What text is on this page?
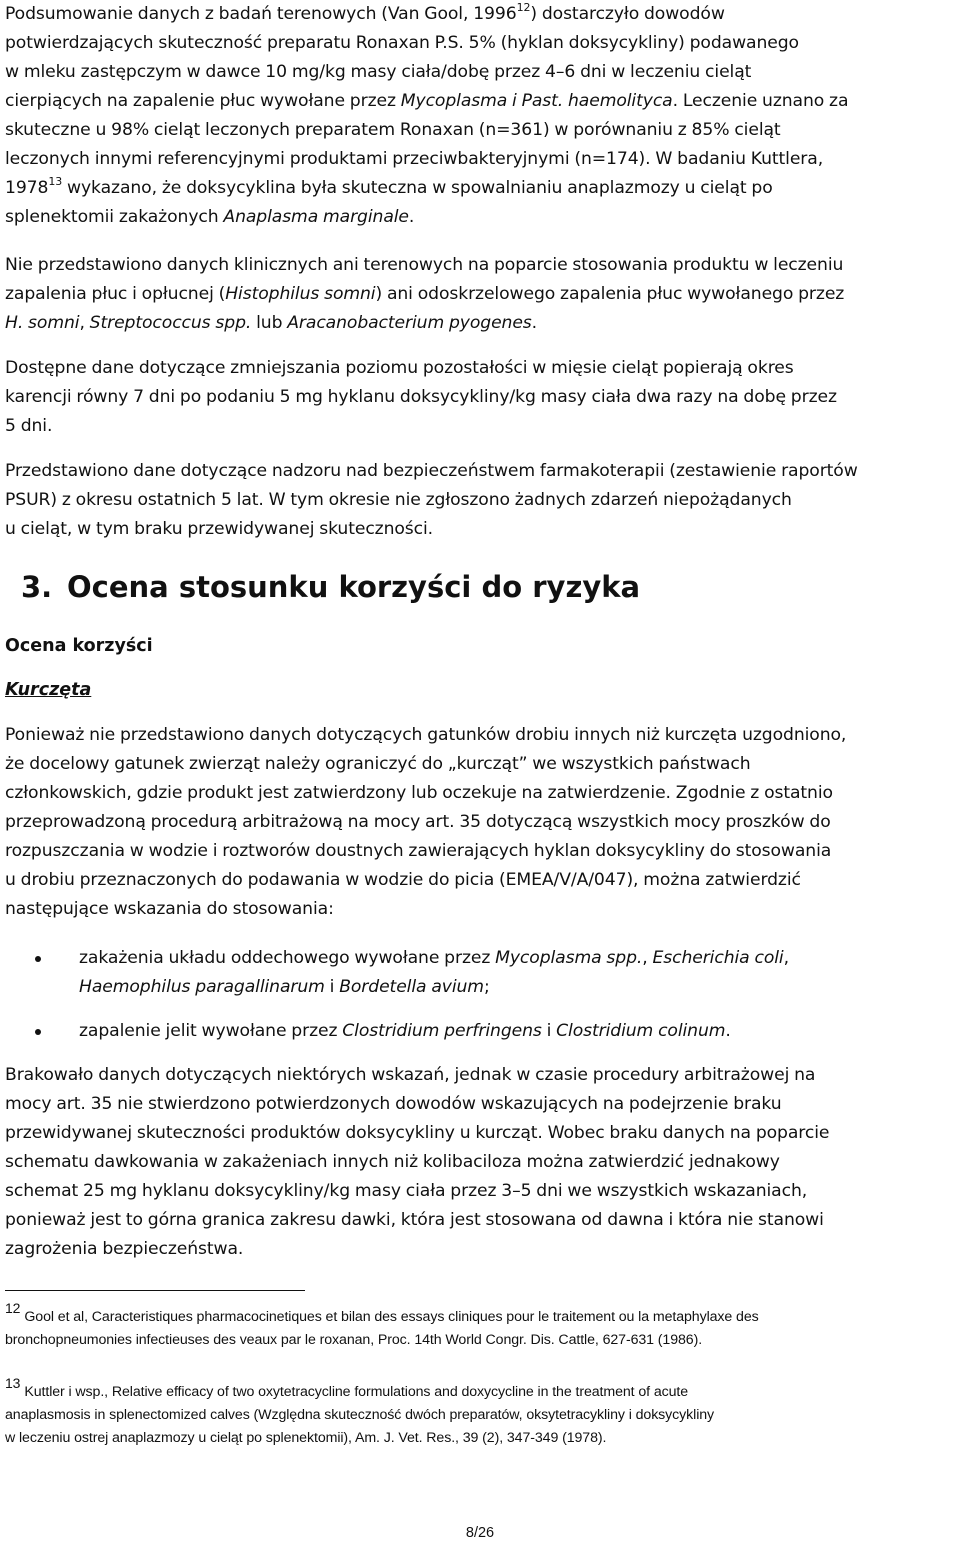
Podsumowanie danych z badań terenowych (Van Gool, 1996$^{12}$) dostarczyło dowodów

potwierdzających skuteczność preparatu Ronaxan P.S. 5% (hyklan doksycykliny) podawanego

w mleku zastępczym w dawce 10 mg/kg masy ciała/dobę przez 4–6 dni w leczeniu cieląt

cierpiących na zapalenie płuc wywołane przez Mycoplasma i Past. haemolityca. Leczenie uznano za

skuteczne u 98% cieląt leczonych preparatem Ronaxan (n=361) w porównaniu z 85% cieląt

leczonych innymi referencyjnymi produktami przeciwbakteryjnymi (n=174). W badaniu Kuttlera,

1978$^{13}$ wykazano, że doksycyklina była skuteczna w spowalnianiu anaplazmozy u cieląt po

splenektomii zakażonych Anaplasma marginale.

Nie przedstawiono danych klinicznych ani terenowych na poparcie stosowania produktu w leczeniu

zapalenia płuc i opłucnej (Histophilus somni) ani odoskrzelowego zapalenia płuc wywołanego przez

H. somni, Streptococcus spp. lub Aracanobacterium pyogenes.

Dostępne dane dotyczące zmniejszania poziomu pozostałości w mięsie cieląt popierają okres

karencji równy 7 dni po podaniu 5 mg hyklanu doksycykliny/kg masy ciała dwa razy na dobę przez

5 dni.

Przedstawiono dane dotyczące nadzoru nad bezpieczeństwem farmakoterapii (zestawienie raportów

PSUR) z okresu ostatnich 5 lat. W tym okresie nie zgłoszono żadnych zdarzeń niepożądanych

u cieląt, w tym braku przewidywanej skuteczności.

3. Ocena stosunku korzyści do ryzyka
Ocena korzyści
Kurczęta

Ponieważ nie przedstawiono danych dotyczących gatunków drobiu innych niż kurczęta uzgodniono,

że docelowy gatunek zwierząt należy ograniczyć do „kurcząt” we wszystkich państwach

członkowskich, gdzie produkt jest zatwierdzony lub oczekuje na zatwierdzenie. Zgodnie z ostatnio

przeprowadzoną procedurą arbitrażową na mocy art. 35 dotyczącą wszystkich mocy proszków do

rozpuszczania w wodzie i roztworów doustnych zawierających hyklan doksycykliny do stosowania

u drobiu przeznaczonych do podawania w wodzie do picia (EMEA/V/A/047), można zatwierdzić

następujące wskazania do stosowania:

zakażenia układu oddechowego wywołane przez Mycoplasma spp., Escherichia coli,

Haemophilus paragallinarum i Bordetella avium;

zapalenie jelit wywołane przez Clostridium perfringens i Clostridium colinum.

Brakowało danych dotyczących niektórych wskazań, jednak w czasie procedury arbitrażowej na

mocy art. 35 nie stwierdzono potwierdzonych dowodów wskazujących na podejrzenie braku

przewidywanej skuteczności produktów doksycykliny u kurcząt. Wobec braku danych na poparcie

schematu dawkowania w zakażeniach innych niż kolibaciloza można zatwierdzić jednakowy

schemat 25 mg hyklanu doksycykliny/kg masy ciała przez 3–5 dni we wszystkich wskazaniach,

ponieważ jest to górna granica zakresu dawki, która jest stosowana od dawna i która nie stanowi

zagrożenia bezpieczeństwa.

12Gool et al, Caracteristiques pharmacocinetiques et bilan des essays cliniques pour le traitement ou la metaphylaxe des

bronchopneumonies infectieuses des veaux par le roxanan, Proc. 14th World Congr. Dis. Cattle, 627-631 (1986).

13Kuttler i wsp., Relative efficacy of two oxytetracycline formulations and doxycycline in the treatment of acute

anaplasmosis in splenectomized calves (Względna skuteczność dwóch preparatów, oksytetracykliny i doksycykliny

w leczeniu ostrej anaplazmozy u cieląt po splenektomii), Am. J. Vet. Res., 39 (2), 347-349 (1978).

8/26
